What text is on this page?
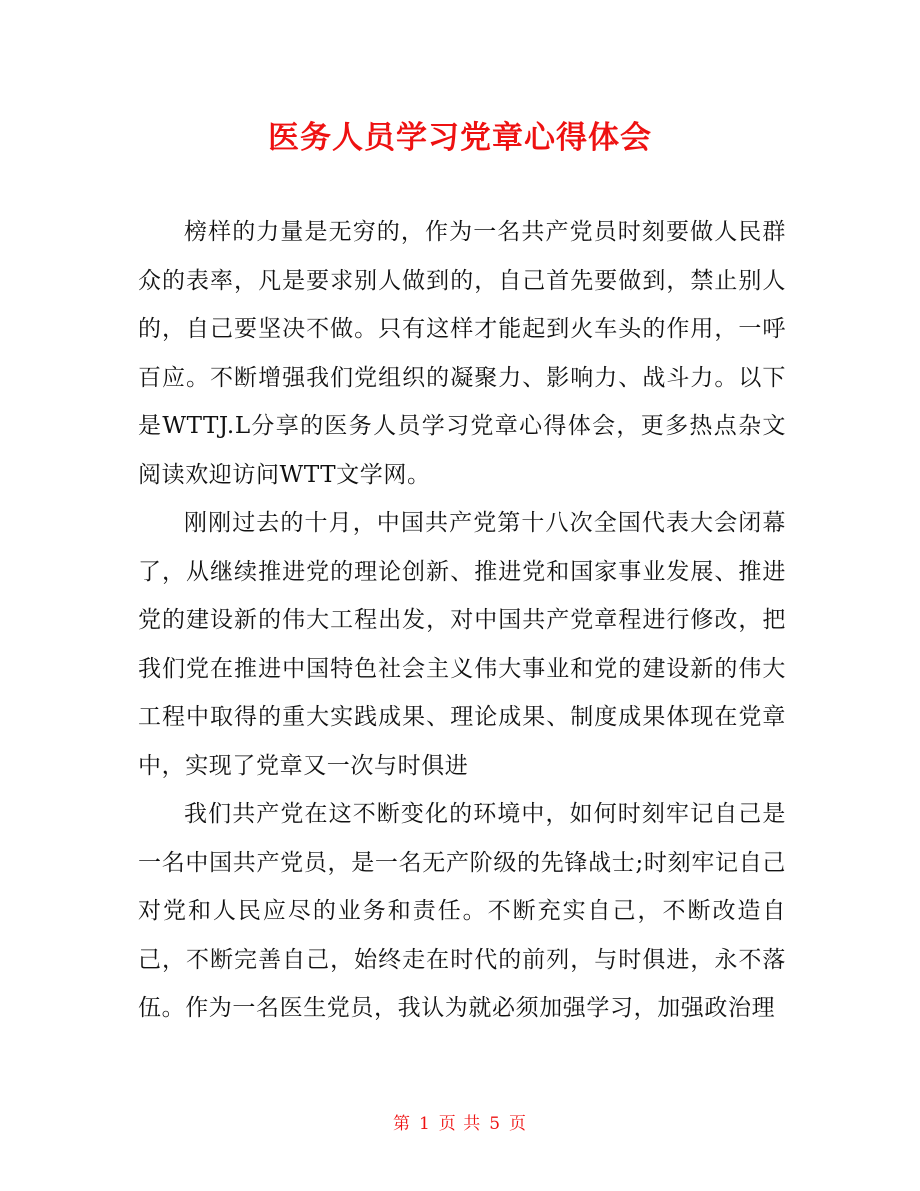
医务人员学习党章心得体会

榜样的力量是无穷的，作为一名共产党员时刻要做人民群众的表率，凡是要求别人做到的，自己首先要做到，禁止别人的，自己要坚决不做。只有这样才能起到火车头的作用，一呼百应。不断增强我们党组织的凝聚力、影响力、战斗力。以下是WTTJ.L分享的医务人员学习党章心得体会，更多热点杂文阅读欢迎访问WTT文学网。

刚刚过去的十月，中国共产党第十八次全国代表大会闭幕了，从继续推进党的理论创新、推进党和国家事业发展、推进党的建设新的伟大工程出发，对中国共产党章程进行修改，把我们党在推进中国特色社会主义伟大事业和党的建设新的伟大工程中取得的重大实践成果、理论成果、制度成果体现在党章中，实现了党章又一次与时俱进

我们共产党在这不断变化的环境中，如何时刻牢记自己是一名中国共产党员，是一名无产阶级的先锋战士;时刻牢记自己对党和人民应尽的业务和责任。不断充实自己，不断改造自己，不断完善自己，始终走在时代的前列，与时俱进，永不落伍。作为一名医生党员，我认为就必须加强学习，加强政治理

第 1 页 共 5 页
